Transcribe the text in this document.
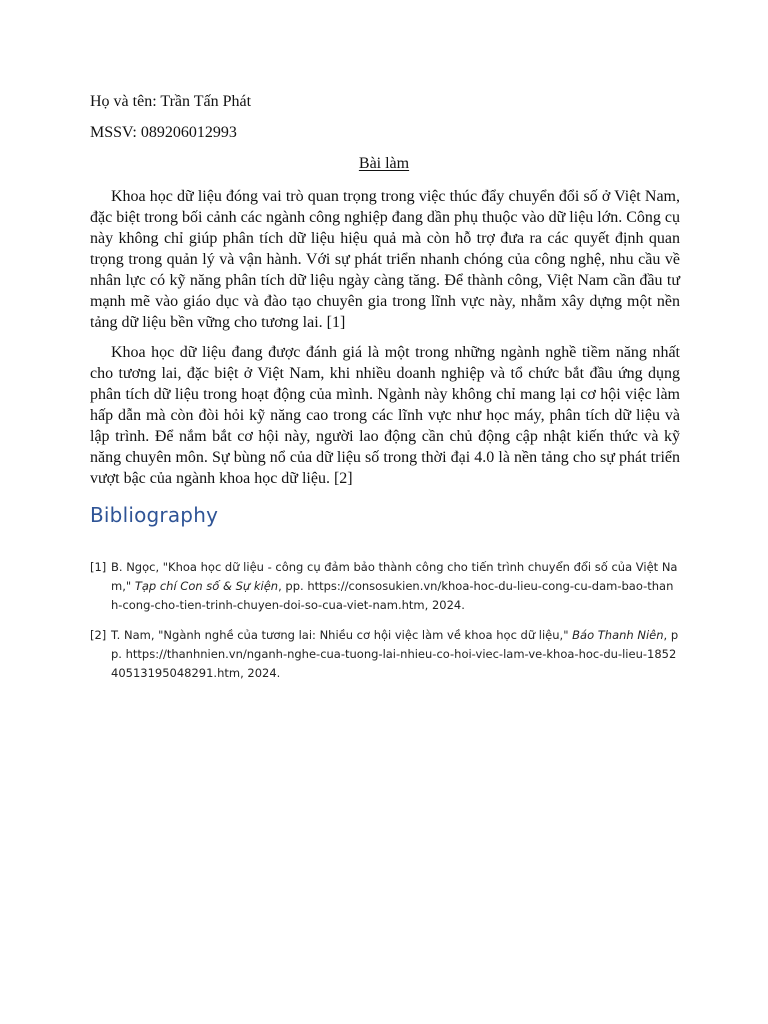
Họ và tên: Trần Tấn Phát

MSSV: 089206012993

Bài làm

Khoa học dữ liệu đóng vai trò quan trọng trong việc thúc đẩy chuyển đổi số ở Việt Nam, đặc biệt trong bối cảnh các ngành công nghiệp đang dần phụ thuộc vào dữ liệu lớn. Công cụ này không chỉ giúp phân tích dữ liệu hiệu quả mà còn hỗ trợ đưa ra các quyết định quan trọng trong quản lý và vận hành. Với sự phát triển nhanh chóng của công nghệ, nhu cầu về nhân lực có kỹ năng phân tích dữ liệu ngày càng tăng. Để thành công, Việt Nam cần đầu tư mạnh mẽ vào giáo dục và đào tạo chuyên gia trong lĩnh vực này, nhằm xây dựng một nền tảng dữ liệu bền vững cho tương lai. [1]

Khoa học dữ liệu đang được đánh giá là một trong những ngành nghề tiềm năng nhất cho tương lai, đặc biệt ở Việt Nam, khi nhiều doanh nghiệp và tổ chức bắt đầu ứng dụng phân tích dữ liệu trong hoạt động của mình. Ngành này không chỉ mang lại cơ hội việc làm hấp dẫn mà còn đòi hỏi kỹ năng cao trong các lĩnh vực như học máy, phân tích dữ liệu và lập trình. Để nắm bắt cơ hội này, người lao động cần chủ động cập nhật kiến thức và kỹ năng chuyên môn. Sự bùng nổ của dữ liệu số trong thời đại 4.0 là nền tảng cho sự phát triển vượt bậc của ngành khoa học dữ liệu. [2]

Bibliography
[1] B. Ngọc, "Khoa học dữ liệu - công cụ đảm bảo thành công cho tiến trình chuyển đổi số của Việt Nam," Tạp chí Con số & Sự kiện, pp. https://consosukien.vn/khoa-hoc-du-lieu-cong-cu-dam-bao-thanh-cong-cho-tien-trinh-chuyen-doi-so-cua-viet-nam.htm, 2024.
[2] T. Nam, "Ngành nghề của tương lai: Nhiều cơ hội việc làm về khoa học dữ liệu," Báo Thanh Niên, pp. https://thanhnien.vn/nganh-nghe-cua-tuong-lai-nhieu-co-hoi-viec-lam-ve-khoa-hoc-du-lieu-185240513195048291.htm, 2024.
